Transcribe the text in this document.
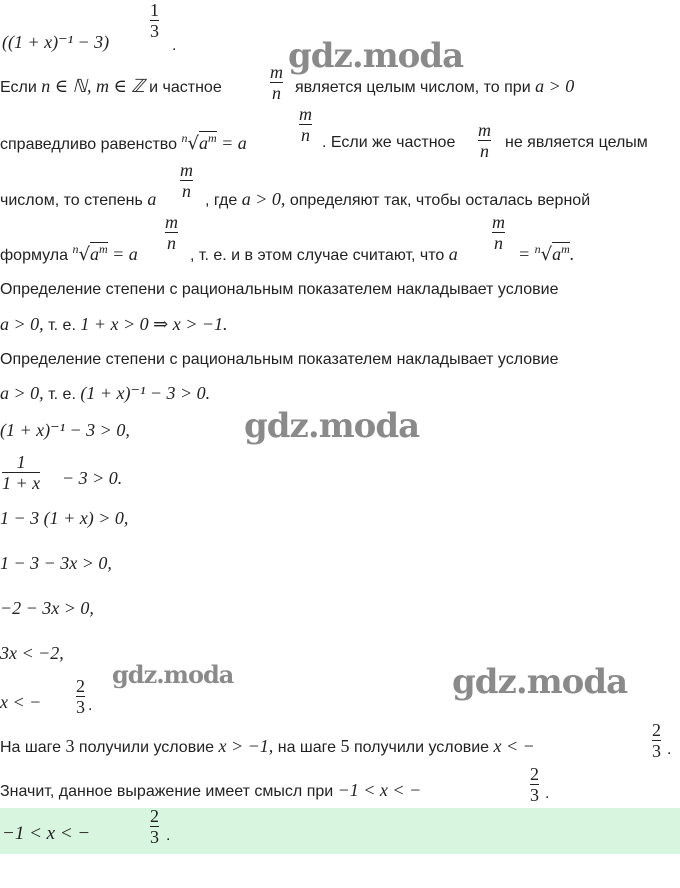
((1 + x)⁻¹ − 3)
1
3
.
Если n ∈ ℕ, m ∈ ℤ и частное
m
n является целым числом, то при a > 0
справедливо равенство $^n√a^m = a$
m
n . Если же частное
m
n не является целым
числом, то степень a
m
n , где a > 0, определяют так, чтобы осталась верной
формула $^n√a^m = a$
m
n
, т. е. и в этом случае считают, что a
m
n
= $^n√a^m$.
Определение степени с рациональным показателем накладывает условие
a > 0, т. е. 1 + x > 0 ⇒ x > −1.
Определение степени с рациональным показателем накладывает условие
a > 0, т. е. (1 + x)⁻¹ − 3 > 0.
(1 + x)⁻¹ − 3 > 0,
1
1 + x − 3 > 0.
1 − 3 (1 + x) > 0,
1 − 3 − 3x > 0,
−2 − 3x > 0,
3x < −2,
x < −
2
3 .
На шаге 3 получили условие x > −1, на шаге 5 получили условие x < −
2
3 .
Значит, данное выражение имеет смысл при −1 < x < −
2
3 .
−1 < x < −
2
3 .
gdz.moda
gdz.moda
gdz.moda	gdz.moda
